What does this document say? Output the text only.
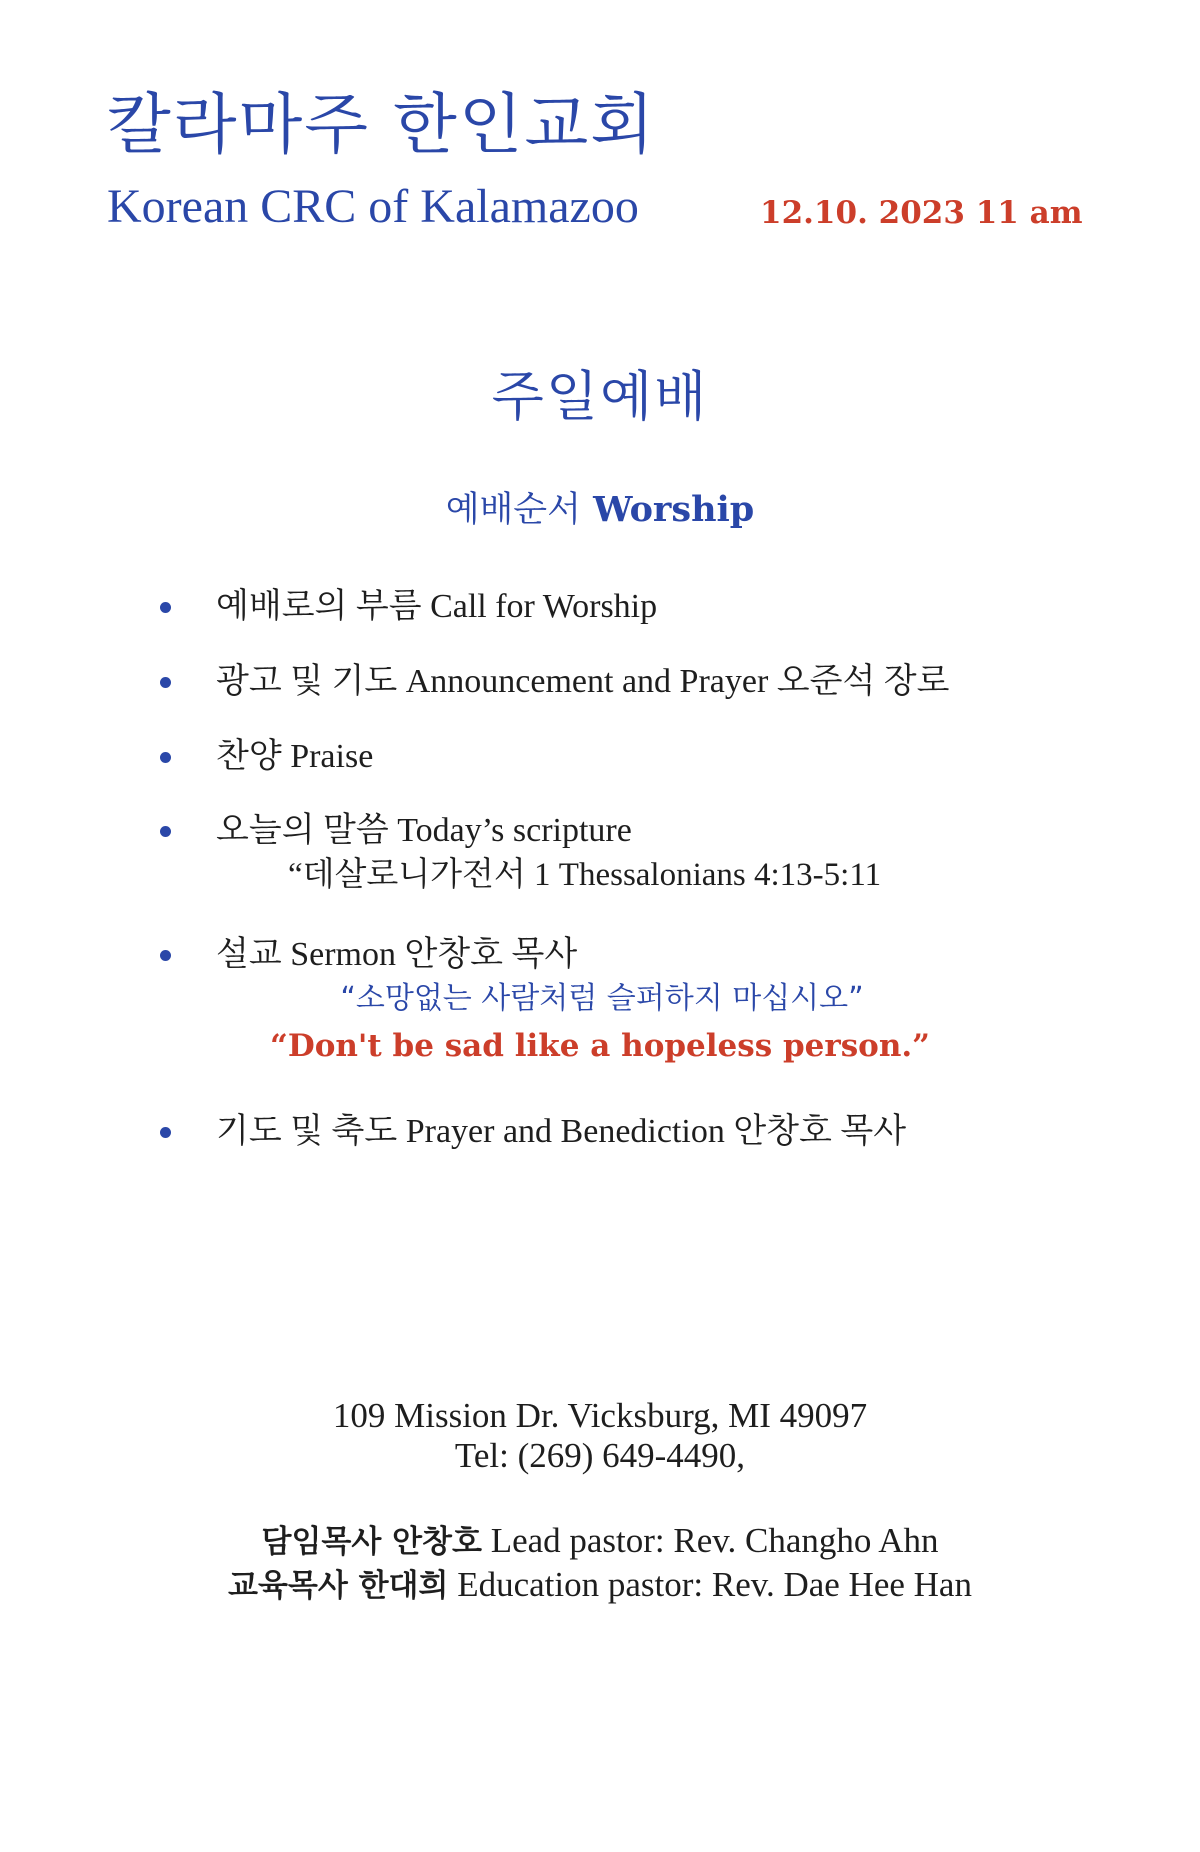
칼라마주 한인교회
Korean CRC of Kalamazoo	12.10. 2023 11 am
주일예배
예배순서 Worship
예배로의 부름 Call for Worship
광고 및 기도 Announcement and Prayer 오준석 장로
찬양 Praise
오늘의 말씀 Today’s scripture
“데살로니가전서 1 Thessalonians 4:13-5:11
설교 Sermon 안창호 목사
“소망없는 사람처럼 슬퍼하지 마십시오”
“Don't be sad like a hopeless person.”
기도 및 축도 Prayer and Benediction 안창호 목사
109 Mission Dr. Vicksburg, MI 49097
Tel: (269) 649-4490,
담임목사 안창호 Lead pastor: Rev. Changho Ahn
교육목사 한대희 Education pastor: Rev. Dae Hee Han
